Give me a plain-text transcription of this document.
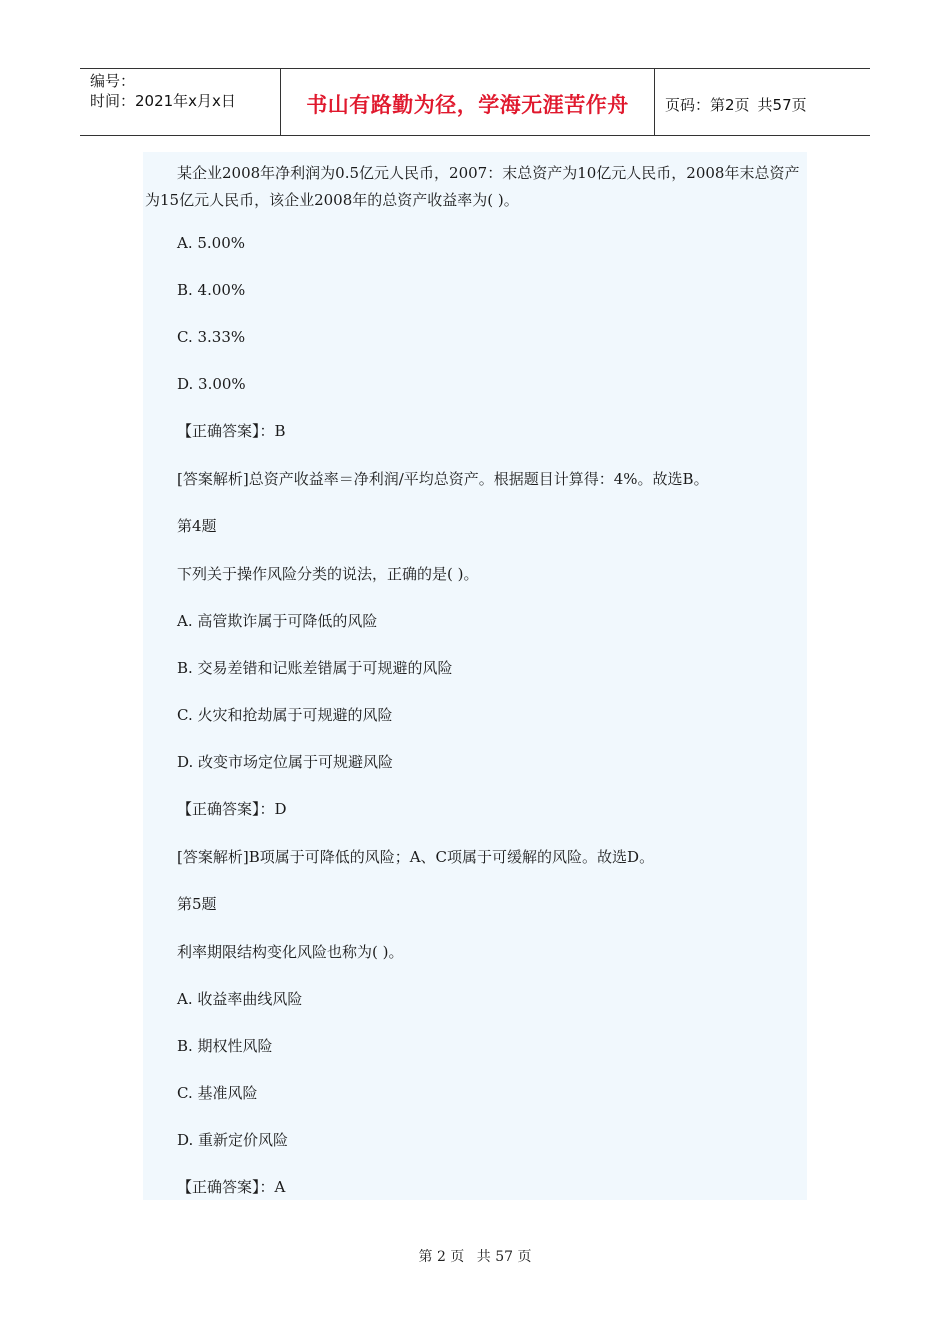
编号：
时间：2021年x月x日	书山有路勤为径，学海无涯苦作舟	页码：第2页 共57页
某企业2008年净利润为0.5亿元人民币，2007：末总资产为10亿元人民币，2008年末总资产为15亿元人民币，该企业2008年的总资产收益率为( )。
A. 5.00%
B. 4.00%
C. 3.33%
D. 3.00%
【正确答案】：B
[答案解析]总资产收益率＝净利润/平均总资产。根据题目计算得：4%。故选B。
第4题
下列关于操作风险分类的说法，正确的是( )。
A. 高管欺诈属于可降低的风险
B. 交易差错和记账差错属于可规避的风险
C. 火灾和抢劫属于可规避的风险
D. 改变市场定位属于可规避风险
【正确答案】：D
[答案解析]B项属于可降低的风险；A、C项属于可缓解的风险。故选D。
第5题
利率期限结构变化风险也称为( )。
A. 收益率曲线风险
B. 期权性风险
C. 基准风险
D. 重新定价风险
【正确答案】：A
第 2 页 共 57 页
